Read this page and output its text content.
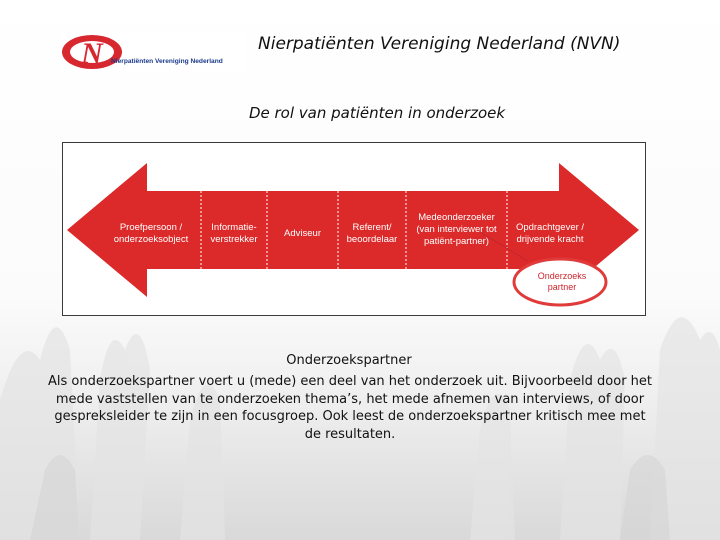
N Nierpatiënten Vereniging Nederland
Nierpatiënten Vereniging Nederland (NVN)
De rol van patiënten in onderzoek
Proefpersoon / onderzoeksobject
Informatie-verstrekker
Adviseur
Referent/ beoordelaar
Medeonderzoeker (van interviewer tot patiënt-partner)
Opdrachtgever / drijvende kracht
Onderzoeks partner
Onderzoekspartner
Als onderzoekspartner voert u (mede) een deel van het onderzoek uit. Bijvoorbeeld door het mede vaststellen van te onderzoeken thema’s, het mede afnemen van interviews, of door gespreksleider te zijn in een focusgroep. Ook leest de onderzoekspartner kritisch mee met de resultaten.
